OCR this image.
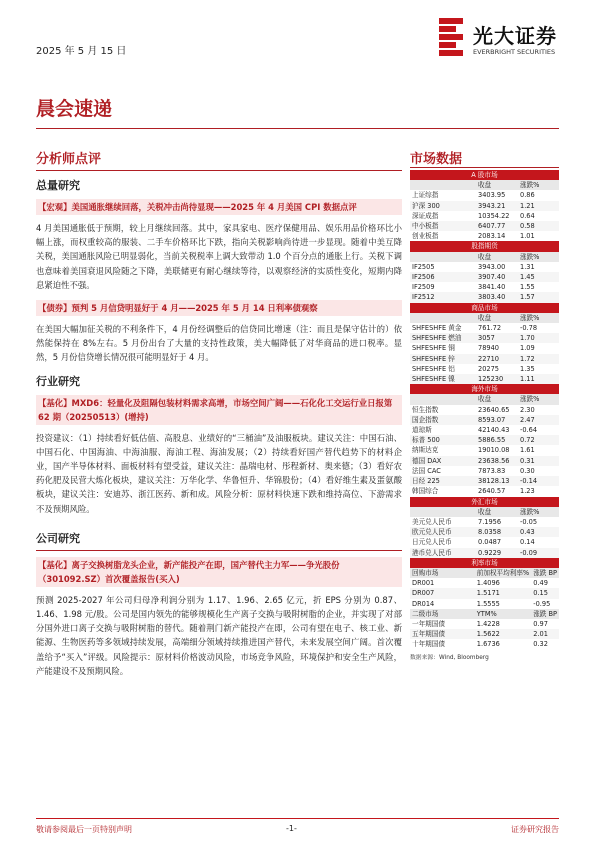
2025 年 5 月 15 日
光大证券
EVERBRIGHT SECURITIES
晨会速递
分析师点评
总量研究
【宏观】美国通胀继续回落，关税冲击尚待显现——2025 年 4 月美国 CPI 数据点评
4 月美国通胀低于预期，较上月继续回落。其中，家具家电、医疗保健用品、娱乐用品价格环比小幅上涨，而权重较高的服装、二手车价格环比下跌，指向关税影响尚待进一步显现。随着中美互降关税，美国通胀风险已明显弱化，当前关税税率上调大致带动 1.0 个百分点的通胀上行。关税下调也意味着美国衰退风险随之下降，美联储更有耐心继续等待，以观察经济的实质性变化，短期内降息紧迫性不强。
【债券】预判 5 月信贷明显好于 4 月——2025 年 5 月 14 日利率债观察
在美国大幅加征关税的不利条件下，4 月份经调整后的信贷同比增速（注：而且是保守估计的）依然能保持在 8%左右。5 月份出台了大量的支持性政策，美大幅降低了对华商品的进口税率。显然，5 月份信贷增长情况很可能明显好于 4 月。
行业研究
【基化】MXD6：轻量化及阻隔包装材料需求高增，市场空间广阔——石化化工交运行业日报第 62 期（20250513）(增持)
投资建议：（1）持续看好低估值、高股息、业绩好的“三桶油”及油服板块。建议关注：中国石油、中国石化、中国海油、中海油服、海油工程、海油发展；（2）持续看好国产替代趋势下的材料企业，国产半导体材料、面板材料有望受益，建议关注：晶瑞电材、彤程新材、奥来德；（3）看好农药化肥及民营大炼化板块，建议关注：万华化学、华鲁恒升、华锦股份；（4）看好维生素及蛋氨酸板块，建议关注：安迪苏、浙江医药、新和成。风险分析：原材料快速下跌和维持高位、下游需求不及预期风险。
公司研究
【基化】离子交换树脂龙头企业，新产能投产在即，国产替代主力军——争光股份（301092.SZ）首次覆盖报告(买入)
预测 2025-2027 年公司归母净利润分别为 1.17、1.96、2.65 亿元，折 EPS 分别为 0.87、1.46、1.98 元/股。公司是国内领先的能够规模化生产离子交换与吸附树脂的企业，并实现了对部分国外进口离子交换与吸附树脂的替代。随着荆门新产能投产在即，公司有望在电子、核工业、新能源、生物医药等多领域持续发展，高端细分领域持续推进国产替代，未来发展空间广阔。首次覆盖给予“买入”评级。风险提示：原材料价格波动风险，市场竞争风险，环境保护和安全生产风险，产能建设不及预期风险。
市场数据
A 股市场		
	收盘	涨跌%
上证综指	3403.95	0.86
沪深 300	3943.21	1.21
深证成指	10354.22	0.64
中小板指	6407.77	0.58
创业板指	2083.14	1.01
股指期货		
	收盘	涨跌%
IF2505	3943.00	1.31
IF2506	3907.40	1.45
IF2509	3841.40	1.55
IF2512	3803.40	1.57
商品市场		
	收盘	涨跌%
SHFESHFE 黄金	761.72	-0.78
SHFESHFE 燃油	3057	1.70
SHFESHFE 铜	78940	1.09
SHFESHFE 锌	22710	1.72
SHFESHFE 铝	20275	1.35
SHFESHFE 镍	125230	1.11
海外市场		
	收盘	涨跌%
恒生指数	23640.65	2.30
国企指数	8593.07	2.47
道琼斯	42140.43	-0.64
标普 500	5886.55	0.72
纳斯达克	19010.08	1.61
德国 DAX	23638.56	0.31
法国 CAC	7873.83	0.30
日经 225	38128.13	-0.14
韩国综合	2640.57	1.23
外汇市场		
	收盘	涨跌%
美元兑人民币	7.1956	-0.05
欧元兑人民币	8.0358	0.43
日元兑人民币	0.0487	0.14
港币兑人民币	0.9229	-0.09
利率市场		
回购市场	前加权平均利率%	涨跌 BP
DR001	1.4096	0.49
DR007	1.5171	0.15
DR014	1.5555	-0.95
二级市场	YTM%	涨跌 BP
一年期国债	1.4228	0.97
五年期国债	1.5622	2.01
十年期国债	1.6736	0.32
数据来源：Wind, Bloomberg
敬请参阅最后一页特别声明	-1-	证券研究报告
